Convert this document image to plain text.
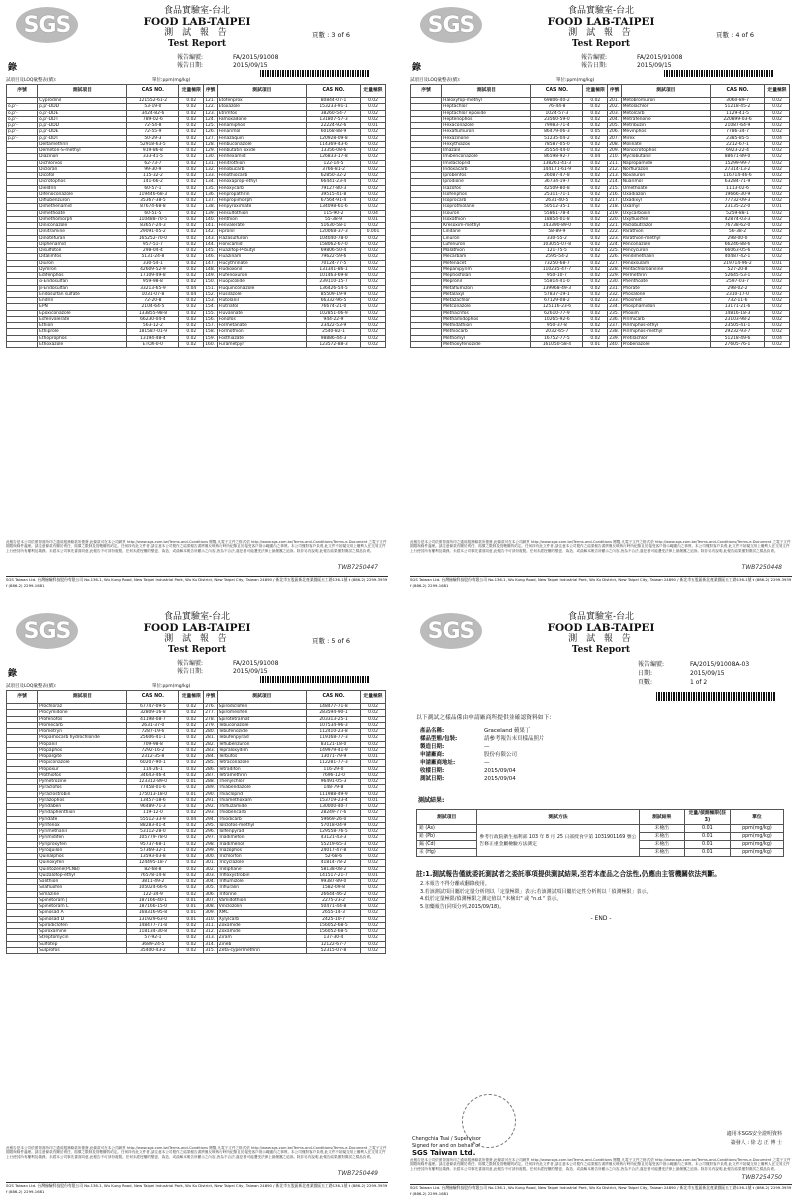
SGS
食品實驗室-台北
FOOD LAB-TAIPEI
測 試 報 告
Test Report
頁數 : 3 of 6
錄
報告編號:	FA/2015/91008
報告日期:	2015/09/15
試項目及LOQ彙整表(續):	單位:ppm(mg/kg)
序號	測試項目	CAS NO.	定量極限	序號	測試項目	CAS NO.	定量極限
	Cyprodinil	121552-61-2	0.02	121.	Etofenprox	80844-07-1	0.02
o,p'-	p,p'-DDD	53-19-0	0.02	122.	Etoxazole	153233-91-1	0.02
o,p'-	o,p'-DDE	3424-82-6	0.02	123.	Etrimfos	38260-54-7	0.02
o,p'-	o,p'-DDT	789-02-6	0.02	124.	Famoxadone	131807-57-3	0.02
p,p'-	p,p'-DDD	72-54-8	0.02	125.	Fenamiphos	22224-92-6	0.01
p,p'-	p,p'-DDE	72-55-9	0.02	126.	Fenarimol	60168-88-9	0.02
p,p'-	p,p'-DDT	50-29-3	0.02	127.	Fenazaquin	120928-09-8	0.02
	Deltamethrin	52918-63-5	0.02	128.	Fenbuconazole	114369-43-6	0.02
	Demeton-S-methyl	919-86-8	0.02	129.	Fenbutatin oxide	13356-08-6	0.02
	Diazinon	333-41-5	0.02	130.	Fenhexamid	126833-17-8	0.02
	Dichlorvos	62-73-7	0.02	131.	Fenitrothion	122-14-5	0.02
	Dicloran	99-30-9	0.02	132.	Fenobucarb	3766-81-2	0.02
	Dicofol	115-32-2	0.02	133.	Fenothiocarb	62850-32-2	0.02
	Dicrotophos	141-66-2	0.02	134.	Fenoxaprop-ethyl	66441-23-4	0.02
	Dieldrin	60-57-1	0.02	135.	Fenoxycarb	79127-80-3	0.02
	Difenoconazole	119446-68-3	0.02	136.	Fenpropathrin	39515-41-8	0.02
	Diflubenzuron	35367-38-5	0.02	137.	Fenpropimorph	67564-91-4	0.02
	Dimethenamid	87674-68-8	0.02	138.	Fenpyroximate	134098-61-6	0.02
	Dimethoate	60-51-5	0.02	139.	Fensulfothion	115-90-2	0.04
	Dimethomorph	110488-70-5	0.02	140.	Fenthion	55-38-9	0.01
	Diniconazole	83657-24-3	0.02	141.	Fenvalerate	51630-58-1	0.02
	Dinitramine	29091-05-2	0.02	142.	Fipronil	120068-37-3	0.001
	Dinotefuran	165252-70-0	0.02	143.	Flazasulfuron	104040-78-0	0.02
	Diphenamid	957-51-7	0.02	144.	Flonicamid	158062-67-0	0.02
	Disulfoton	298-04-4	0.02	145.	Fluazifop-P-butyl	69806-50-4	0.02
	Ditalimfos	5131-24-8	0.02	146.	Fluazinam	79622-59-6	0.02
	Diuron	330-54-1	0.02	147.	Flucythrinate	70124-77-5	0.02
	Dymron	42609-52-9	0.02	148.	Fludioxonil	131341-86-1	0.02
	Edifenphos	17109-49-8	0.02	149.	Flufenoxuron	101463-69-8	0.02
	α-Endosulfan	959-98-8	0.02	150.	Fluopicolide	239110-15-7	0.02
	β-Endosulfan	33213-65-9	0.04	151.	Fluquinconazole	136426-54-5	0.02
	Endosulfan sulfate	1031-07-8	0.04	152.	Flusilazole	85509-19-9	0.02
	Endrin	72-20-8	0.02	153.	Flutolanil	66332-96-5	0.02
	EPN	2104-64-5	0.02	154.	Flutriafol	76674-21-0	0.02
	Epoxiconazole	133855-98-8	0.02	155.	Fluvalinate	102851-06-9	0.02
	Esfenvalerate	66230-04-4	0.02	156.	Fonofos	944-22-9	0.02
	Ethion	563-12-2	0.02	157.	Formetanate	23422-53-9	0.02
	Ethiprole	181587-01-9	0.02	158.	Formothion	2540-82-1	0.02
	Ethoprophos	13194-48-4	0.02	159.	Fosthiazate	98886-44-3	0.02
	Ethoxazole	ETOX-0-0	0.02	160.	Furametpyr	123572-88-3	0.02
此報告是本公司依照背面所印之通用服務條款所簽發,此條款可在本公司網頁 http://www.sgs.com.tw/Terms-and-Conditions 閱覽,凡電子文件之格式依 http://www.sgs.com.tw/Terms-and-Conditions/Terms-e-Document 之電子文件期限與條件處理。請注意條款有關於責任、賠償之限制及管轄權的約定。任何持有此文件者,請注意本公司製作之結果報告書將僅反映執行時所紀錄且於接受客戶指示範圍內之事實。本公司僅對客戶負責,此文件不妨礙交易上權利人在交易文件上行使其所有權利及義務。未經本公司事先書面同意,此報告不可部份複製。任何未經授權的變更、偽造、或曲解本報告所顯示之內容,皆為不合法,違犯者可能遭受法律上最嚴厲之追訴。除非另有說明,此報告結果僅對測試之樣品負責。
TWB7250447
SGS Taiwan Ltd. 台灣檢驗科技股份有限公司 No.136-1, Wu Kung Road, New Taipei Industrial Park, Wu Ku District, New Taipei City, Taiwan 24890 / 新北市五股區新北產業園區五工路136-1號 t (886-2) 2299-3939 f (886-2) 2299-1681
SGS
食品實驗室-台北
FOOD LAB-TAIPEI
測 試 報 告
Test Report
頁數 : 4 of 6
錄
報告編號:	FA/2015/91008
報告日期:	2015/09/15
試項目及LOQ彙整表(續):	單位:ppm(mg/kg)
序號	測試項目	CAS NO.	定量極限	序號	測試項目	CAS NO.	定量極限
	Haloxyfop-methyl	69806-40-2	0.02	201.	Metobromuron	3060-89-7	0.02
	Heptachlor	76-44-8	0.02	202.	Metolachlor	51218-45-2	0.02
	Heptachlor epoxide	1024-57-3	0.02	203.	Metolcarb	1129-41-5	0.02
	Heptenophos	23560-59-0	0.02	204.	Metrafenone	220899-03-6	0.02
	Hexaconazole	79983-71-4	0.02	205.	Metribuzin	21087-64-9	0.02
	Hexaflumuron	86479-06-3	0.05	206.	Mevinphos	7786-34-7	0.02
	Hexazinone	51235-04-2	0.02	207.	Mirex	2385-85-5	0.04
	Hexythiazox	78587-05-0	0.02	208.	Molinate	2212-67-1	0.02
	Imazalil	35554-44-0	0.02	209.	Monocrotophos	6923-22-4	0.02
	Imibenconazole	86598-92-7	0.04	210.	Myclobutanil	88671-89-0	0.02
	Imidacloprid	138261-41-3	0.02	211.	Napropamide	15299-99-7	0.02
	Indoxacarb	144171-61-9	0.02	212.	Norflurazon	27314-13-2	0.02
	Iprobenfos	26087-47-8	0.02	213.	Novaluron	116714-46-6	0.02
	Iprodione	36734-19-7	0.02	214.	Nuarimol	63284-71-9	0.02
	Isazofos	42509-80-8	0.02	215.	Omethoate	1113-02-6	0.02
	Isofenphos	25311-71-1	0.02	216.	Oxadiazon	19666-30-9	0.02
	Isoprocarb	2631-40-5	0.02	217.	Oxadixyl	77732-09-3	0.02
	Isoprothiolane	50512-35-1	0.02	218.	Oxamyl	23135-22-0	0.01
	Isouron	55861-78-4	0.02	219.	Oxycarboxin	5259-88-1	0.02
	Isoxathion	18854-01-8	0.02	220.	Oxyfluorfen	42874-03-3	0.02
	Kresoxim-methyl	143390-89-0	0.02	221.	Paclobutrazol	76738-62-0	0.02
	Lindane	58-89-9	0.02	222.	Parathion	56-38-2	0.02
	Linuron	330-55-2	0.02	223.	Parathion-methyl	298-00-0	0.02
	Lufenuron	103055-07-8	0.02	224.	Penconazole	66246-88-6	0.02
	Malathion	121-75-5	0.02	225.	Pencycuron	66063-05-6	0.02
	Mecarbam	2595-54-2	0.02	226.	Pendimethalin	40487-42-1	0.02
	Mefenacet	73250-68-7	0.02	227.	Penoxsulam	219714-96-2	0.01
	Mepanipyrim	110235-47-7	0.02	228.	Pentachloroaniline	527-20-8	0.02
	Mephosfolan	950-10-7	0.02	229.	Permethrin	52645-53-1	0.02
	Mepronil	55814-41-0	0.02	230.	Phenthoate	2597-03-7	0.02
	Metaflumizon	139968-49-3	0.02	231.	Phorate	298-02-2	0.02
	Metalaxyl	57837-19-1	0.02	232.	Phosalone	2310-17-0	0.02
	Metazachlor	67129-08-2	0.02	233.	Phosmet	732-11-6	0.02
	Metconazole	125116-23-6	0.02	234.	Phosphamidon	13171-21-6	0.02
	Methacrifos	62610-77-9	0.02	235.	Phoxim	14816-18-3	0.02
	Methamidophos	10265-92-6	0.02	236.	Pirimicarb	23103-98-2	0.02
	Methidathion	950-37-8	0.02	237.	Pirimiphos-ethyl	23505-41-1	0.02
	Methiocarb	2032-65-7	0.02	238.	Pirimiphos-methyl	29232-93-7	0.02
	Methomyl	16752-77-5	0.02	239.	Pretilachlor	51218-49-6	0.04
	Methoxyfenozide	161050-58-4	0.01	240.	Probenazole	27605-76-1	0.02
此報告是本公司依照背面所印之通用服務條款所簽發,此條款可在本公司網頁 http://www.sgs.com.tw/Terms-and-Conditions 閱覽,凡電子文件之格式依 http://www.sgs.com.tw/Terms-and-Conditions/Terms-e-Document 之電子文件期限與條件處理。請注意條款有關於責任、賠償之限制及管轄權的約定。任何持有此文件者,請注意本公司製作之結果報告書將僅反映執行時所紀錄且於接受客戶指示範圍內之事實。本公司僅對客戶負責,此文件不妨礙交易上權利人在交易文件上行使其所有權利及義務。未經本公司事先書面同意,此報告不可部份複製。任何未經授權的變更、偽造、或曲解本報告所顯示之內容,皆為不合法,違犯者可能遭受法律上最嚴厲之追訴。除非另有說明,此報告結果僅對測試之樣品負責。
TWB7250448
SGS Taiwan Ltd. 台灣檢驗科技股份有限公司 No.136-1, Wu Kung Road, New Taipei Industrial Park, Wu Ku District, New Taipei City, Taiwan 24890 / 新北市五股區新北產業園區五工路136-1號 t (886-2) 2299-3939 f (886-2) 2299-1681
SGS
食品實驗室-台北
FOOD LAB-TAIPEI
測 試 報 告
Test Report
頁數 : 5 of 6
錄
報告編號:	FA/2015/91008
報告日期:	2015/09/15
試項目及LOQ彙整表(續):	單位:ppm(mg/kg)
序號	測試項目	CAS NO.	定量極限	序號	測試項目	CAS NO.	定量極限
	Prochloraz	67747-09-5	0.02	276.	Spirodiclofen	148477-71-8	0.02
	Procymidone	32809-16-8	0.02	277.	Spiromesifen	283594-90-1	0.02
	Profenofos	41198-08-7	0.02	278.	Spirotetramat	203313-25-1	0.02
	Promecarb	2631-37-0	0.02	279.	Tebuconazole	107534-96-3	0.02
	Prometryn	7287-19-6	0.02	280.	Tebufenozide	112410-23-8	0.02
	Propamocarb hydrochloride	25606-41-1	0.02	281.	Tebufenpyrad	119168-77-3	0.02
	Propanil	709-98-8	0.02	282.	Teflubenzuron	83121-18-0	0.02
	Propaphos	7292-16-2	0.02	283.	Tepraloxydim	149979-41-9	0.02
	Propargite	2312-35-8	0.02	284.	Terbufos	13071-79-9	0.01
	Propiconazole	60207-90-1	0.02	285.	Tetraconazole	112281-77-3	0.02
	Propoxur	114-26-1	0.02	286.	Tetradifon	116-29-0	0.02
	Prothiofos	34643-46-4	0.02	287.	Tetramethrin	7696-12-0	0.02
	Pymetrozine	123312-89-0	0.01	288.	Thenylchlor	96491-05-3	0.02
	Pyraclofos	77458-01-6	0.02	289.	Thiabendazole	148-79-8	0.02
	Pyraclostrobin	175013-18-0	0.01	290.	Thiacloprid	111988-49-9	0.02
	Pyrazophos	13457-18-6	0.02	291.	Thiamethoxam	153719-23-4	0.01
	Pyridaben	96489-71-3	0.02	292.	Thifluzamide	130000-40-7	0.02
	Pyridaphenthion	119-12-0	0.02	293.	Thiobencarb	28249-77-6	0.02
	Pyridate	55512-33-9	0.04	294.	Thiodicarb	59669-26-0	0.02
	Pyrifenox	88283-41-4	0.02	295.	Tolclofos-methyl	57018-04-9	0.02
	Pyrimethanil	53112-28-0	0.02	296.	Tolfenpyrad	129558-76-5	0.02
	Pyrimidifen	105779-78-0	0.02	297.	Triadimefon	43121-43-3	0.02
	Pyriproxyfen	95737-68-1	0.02	298.	Triadimenol	55219-65-3	0.02
	Pyroquilon	57369-32-1	0.02	299.	Triazophos	24017-47-8	0.02
	Quinalphos	13593-03-8	0.02	300.	Trichlorfon	52-68-6	0.02
	Quinoxyfen	124495-18-7	0.02	301.	Tricyclazole	41814-78-2	0.02
	Quintozene(PCNB)	82-68-8	0.02	302.	Tridiphane	58138-08-2	0.02
	Quizalofop-ethyl	76578-14-8	0.02	303.	Trifloxystrobin	141517-21-7	0.01
	Salithion	3811-49-2	0.02	304.	Triflumizole	99387-89-0	0.02
	Silafluofen	105024-66-6	0.02	305.	Trifluralin	1582-09-8	0.02
	Simazine	122-34-9	0.02	306.	Triforine	26644-46-2	0.02
	Spinetoram J	187166-40-1	0.01	307.	Vamidothion	2275-23-2	0.02
	Spinetoram L	187166-15-0	0.01	308.	Vinclozolin	50471-44-8	0.02
	Spinosad A	168316-95-8	0.01	309.	XMC	2655-14-3	0.02
	Spinosad D	131929-63-0	0.01	310.	Xylylcarb	2425-10-7	0.02
	Spirodiclofen	148477-71-8	0.02	311.	Zoxamide	156052-68-5	0.02
	Spiroxamine	118134-30-8	0.02	312.	Zoxamide	156052-68-5	0.02
	Streptomycin	57-92-1	0.02	313.	Ziram	137-30-4	0.02
	Sulfotep	3689-24-5	0.02	314.	Zineb	12122-67-7	0.02
	Sulprofos	35400-43-2	0.02	315.	Zeta-cypermethrin	52315-07-8	0.02
此報告是本公司依照背面所印之通用服務條款所簽發,此條款可在本公司網頁 http://www.sgs.com.tw/Terms-and-Conditions 閱覽,凡電子文件之格式依 http://www.sgs.com.tw/Terms-and-Conditions/Terms-e-Document 之電子文件期限與條件處理。請注意條款有關於責任、賠償之限制及管轄權的約定。任何持有此文件者,請注意本公司製作之結果報告書將僅反映執行時所紀錄且於接受客戶指示範圍內之事實。本公司僅對客戶負責,此文件不妨礙交易上權利人在交易文件上行使其所有權利及義務。未經本公司事先書面同意,此報告不可部份複製。任何未經授權的變更、偽造、或曲解本報告所顯示之內容,皆為不合法,違犯者可能遭受法律上最嚴厲之追訴。除非另有說明,此報告結果僅對測試之樣品負責。
TWB7250449
SGS Taiwan Ltd. 台灣檢驗科技股份有限公司 No.136-1, Wu Kung Road, New Taipei Industrial Park, Wu Ku District, New Taipei City, Taiwan 24890 / 新北市五股區新北產業園區五工路136-1號 t (886-2) 2299-3939 f (886-2) 2299-1681
SGS
食品實驗室-台北
FOOD LAB-TAIPEI
測 試 報 告
Test Report
報告編號:	FA/2015/91008A-03
日期:	2015/09/15
頁數:	1 of 2
以下測試之樣品係由申請廠商所提供並確認資料如下:
產品名稱:	Graceland 蘋果丁
樣品型態/包裝:	請參考報告末頁樣品照片
製造日期:	—
申請廠商:	股份有限公司
申請廠商地址:	—
收樣日期:	2015/09/04
測試日期:	2015/09/04
測試結果:
測試項目	測試方法	測試結果	定量/偵測極限(註3)	單位
鉛 (As)	參考行政院衛生福利部 103 年 8 月 25 日部授食字第 1031901169 號公告修正重金屬檢驗方法測定	未檢出	0.01	ppm(mg/kg)
鉛 (Pb)		未檢出	0.01	ppm(mg/kg)
鎘 (Cd)		未檢出	0.01	ppm(mg/kg)
汞 (Hg)		未檢出	0.01	ppm(mg/kg)
註:1.測試報告僅就委託測試者之委託事項提供測試結果,至若本產品之合法性,仍應由主管機關依法判斷。
2.本報告不得分離或翻錄使用。
3.若該測試項目屬於定量分析則以「定量極限」表示;若該測試項目屬於定性分析則以「偵測極限」表示。
4.低於定量極限/偵測極限之測定值以 "未檢出" 或 "n.d." 表示。
5.加藥報告(同項分列,2015/09/18)。
- END -
Chengchia Tsai / Supervisor
Signed for and on behalf of
SGS Taiwan Ltd.
適用本SGS安全證明資料
簽發人 : 徐 志 正 博 士
此報告是本公司依照背面所印之通用服務條款所簽發,此條款可在本公司網頁 http://www.sgs.com.tw/Terms-and-Conditions 閱覽,凡電子文件之格式依 http://www.sgs.com.tw/Terms-and-Conditions/Terms-e-Document 之電子文件期限與條件處理。請注意條款有關於責任、賠償之限制及管轄權的約定。任何持有此文件者,請注意本公司製作之結果報告書將僅反映執行時所紀錄且於接受客戶指示範圍內之事實。本公司僅對客戶負責,此文件不妨礙交易上權利人在交易文件上行使其所有權利及義務。未經本公司事先書面同意,此報告不可部份複製。任何未經授權的變更、偽造、或曲解本報告所顯示之內容,皆為不合法,違犯者可能遭受法律上最嚴厲之追訴。除非另有說明,此報告結果僅對測試之樣品負責。
TWB7254750
SGS Taiwan Ltd. 台灣檢驗科技股份有限公司 No.136-1, Wu Kung Road, New Taipei Industrial Park, Wu Ku District, New Taipei City, Taiwan 24890 / 新北市五股區新北產業園區五工路136-1號 t (886-2) 2299-3939 f (886-2) 2299-1681
